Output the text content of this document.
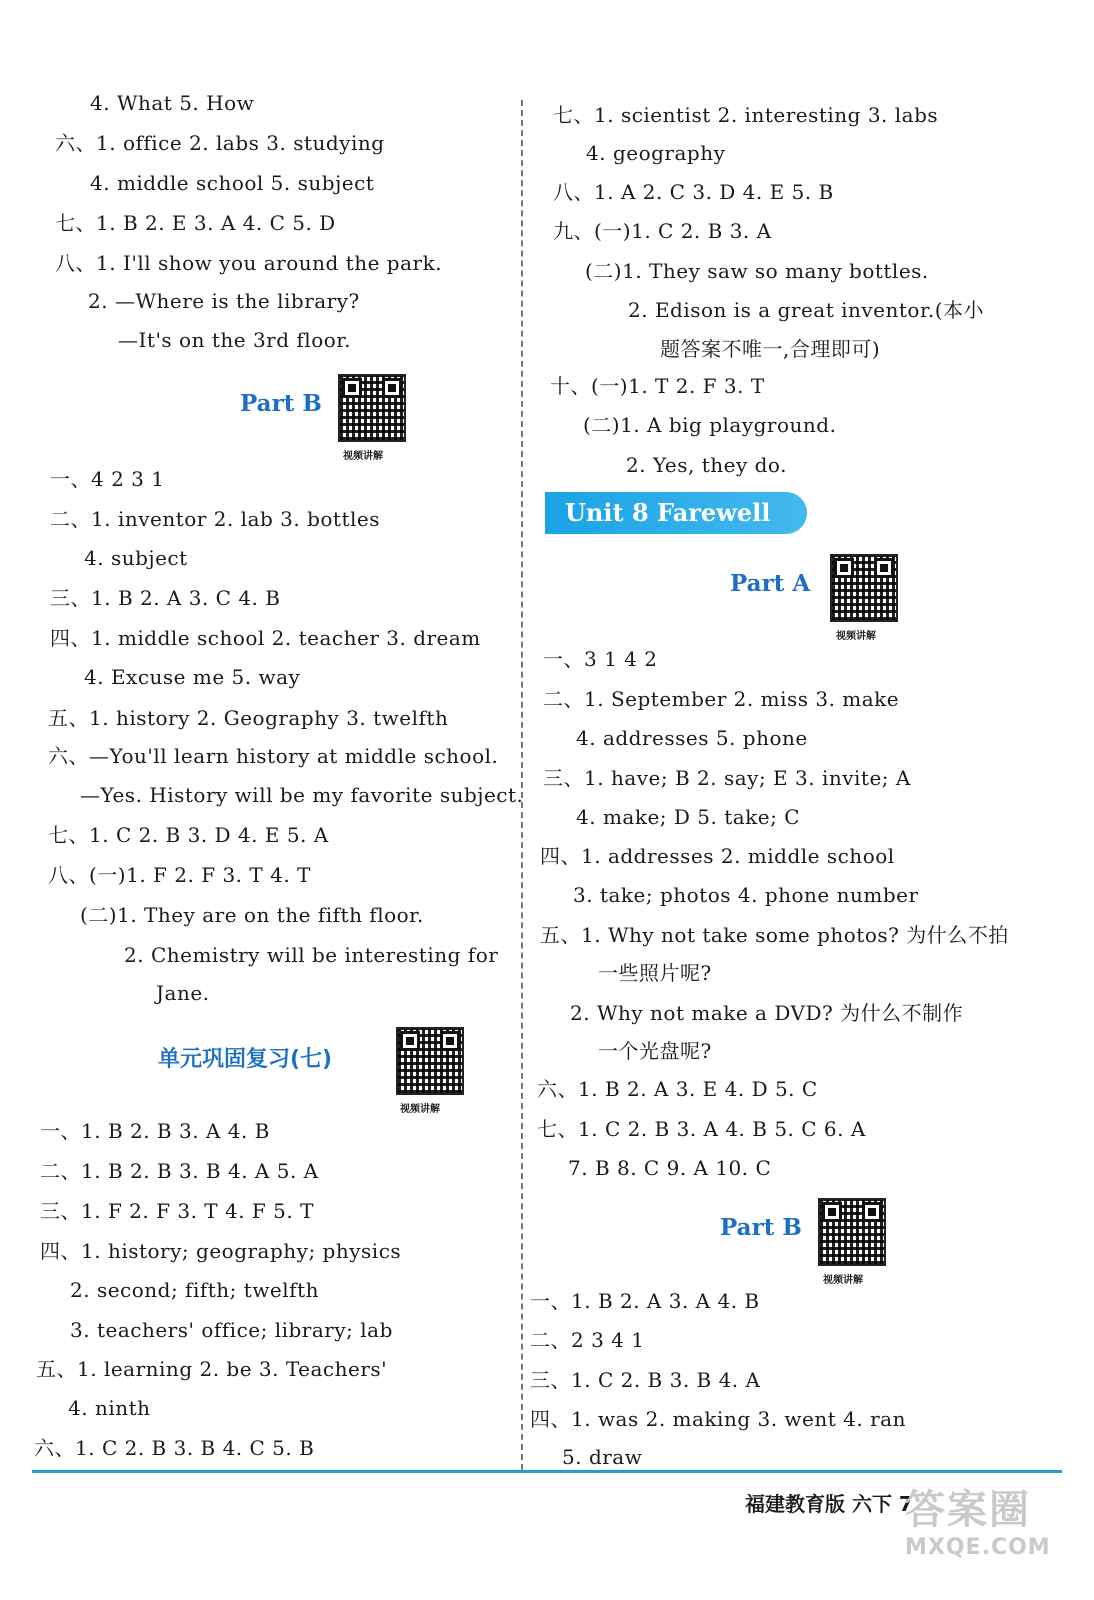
4. What 5. How
六、1. office 2. labs 3. studying
4. middle school 5. subject
七、1. B 2. E 3. A 4. C 5. D
八、1. I'll show you around the park.
2. —Where is the library?
—It's on the 3rd floor.
Part B
视频讲解
一、4 2 3 1
二、1. inventor 2. lab 3. bottles
4. subject
三、1. B 2. A 3. C 4. B
四、1. middle school 2. teacher 3. dream
4. Excuse me 5. way
五、1. history 2. Geography 3. twelfth
六、—You'll learn history at middle school.
—Yes. History will be my favorite subject.
七、1. C 2. B 3. D 4. E 5. A
八、(一)1. F 2. F 3. T 4. T
(二)1. They are on the fifth floor.
2. Chemistry will be interesting for
Jane.
单元巩固复习(七)
视频讲解
一、1. B 2. B 3. A 4. B
二、1. B 2. B 3. B 4. A 5. A
三、1. F 2. F 3. T 4. F 5. T
四、1. history; geography; physics
2. second; fifth; twelfth
3. teachers' office; library; lab
五、1. learning 2. be 3. Teachers'
4. ninth
六、1. C 2. B 3. B 4. C 5. B
七、1. scientist 2. interesting 3. labs
4. geography
八、1. A 2. C 3. D 4. E 5. B
九、(一)1. C 2. B 3. A
(二)1. They saw so many bottles.
2. Edison is a great inventor.(本小
题答案不唯一,合理即可)
十、(一)1. T 2. F 3. T
(二)1. A big playground.
2. Yes, they do.
Unit 8 Farewell
Part A
视频讲解
一、3 1 4 2
二、1. September 2. miss 3. make
4. addresses 5. phone
三、1. have; B 2. say; E 3. invite; A
4. make; D 5. take; C
四、1. addresses 2. middle school
3. take; photos 4. phone number
五、1. Why not take some photos? 为什么不拍
一些照片呢?
2. Why not make a DVD? 为什么不制作
一个光盘呢?
六、1. B 2. A 3. E 4. D 5. C
七、1. C 2. B 3. A 4. B 5. C 6. A
7. B 8. C 9. A 10. C
Part B
视频讲解
一、1. B 2. A 3. A 4. B
二、2 3 4 1
三、1. C 2. B 3. B 4. A
四、1. was 2. making 3. went 4. ran
5. draw
福建教育版 六下 7
答案圈
MXQE.COM
